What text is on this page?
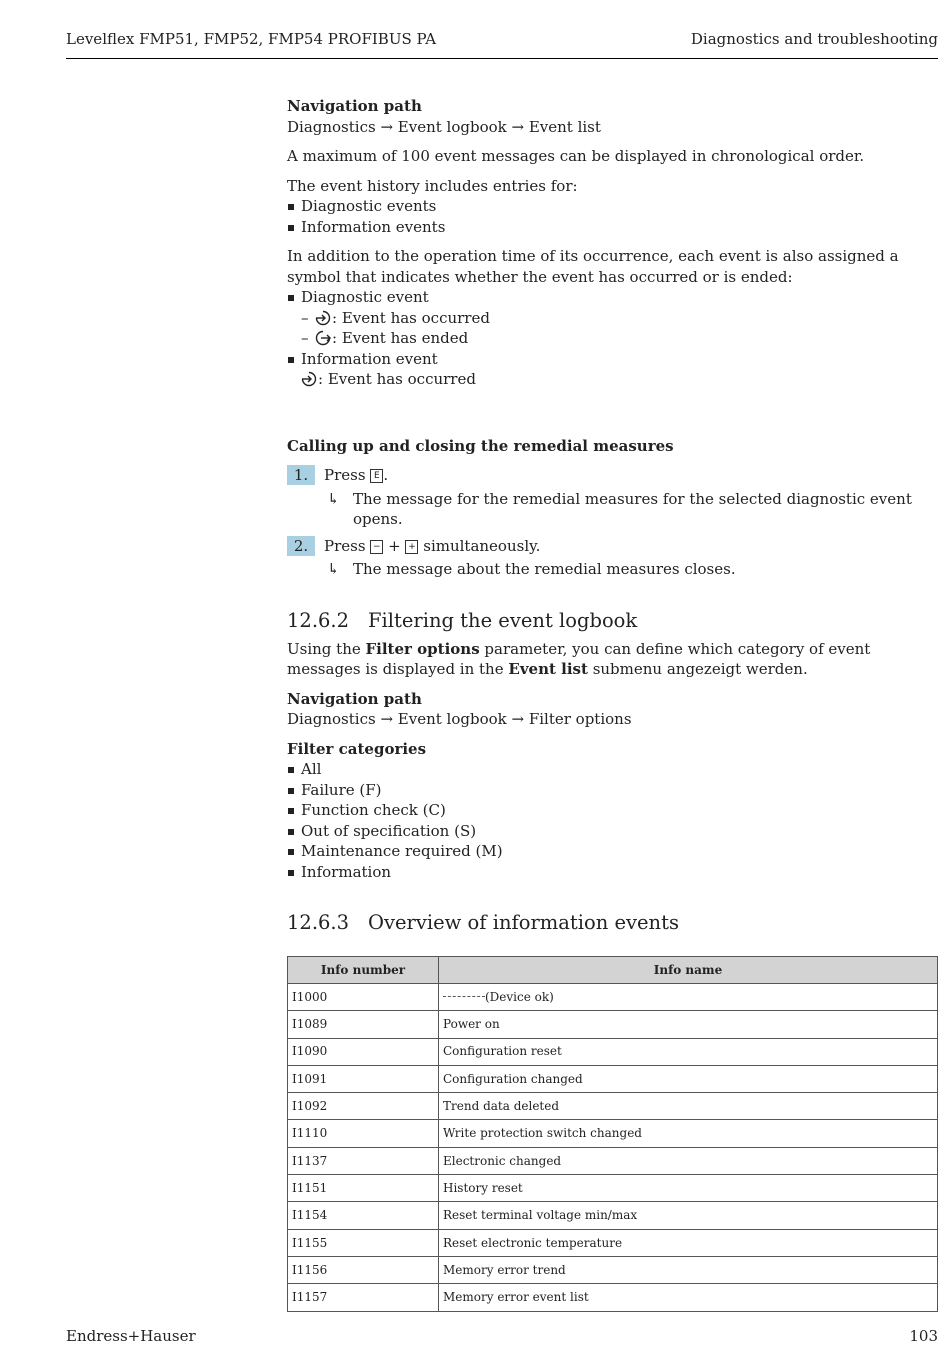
Levelflex FMP51, FMP52, FMP54 PROFIBUS PA	Diagnostics and troubleshooting

Navigation path

Diagnostics → Event logbook → Event list

A maximum of 100 event messages can be displayed in chronological order.

The event history includes entries for:

Diagnostic events
Information events

In addition to the operation time of its occurrence, each event is also assigned a symbol that indicates whether the event has occurred or is ended:

Diagnostic event
– : Event has occurred
– : Event has ended
Information event
: Event has occurred

Calling up and closing the remedial measures

1.	Press E .
↳ The message for the remedial measures for the selected diagnostic event opens.
2.	Press − + + simultaneously.
↳ The message about the remedial measures closes.
12.6.2 Filtering the event logbook

Using the Filter options parameter, you can define which category of event messages is displayed in the Event list submenu angezeigt werden.

Navigation path

Diagnostics → Event logbook → Filter options

Filter categories

All
Failure (F)
Function check (C)
Out of specification (S)
Maintenance required (M)
Information
12.6.3 Overview of information events
Info number	Info name
I1000	(Device ok)
I1089	Power on
I1090	Configuration reset
I1091	Configuration changed
I1092	Trend data deleted
I1110	Write protection switch changed
I1137	Electronic changed
I1151	History reset
I1154	Reset terminal voltage min/max
I1155	Reset electronic temperature
I1156	Memory error trend
I1157	Memory error event list
Endress+Hauser	103
